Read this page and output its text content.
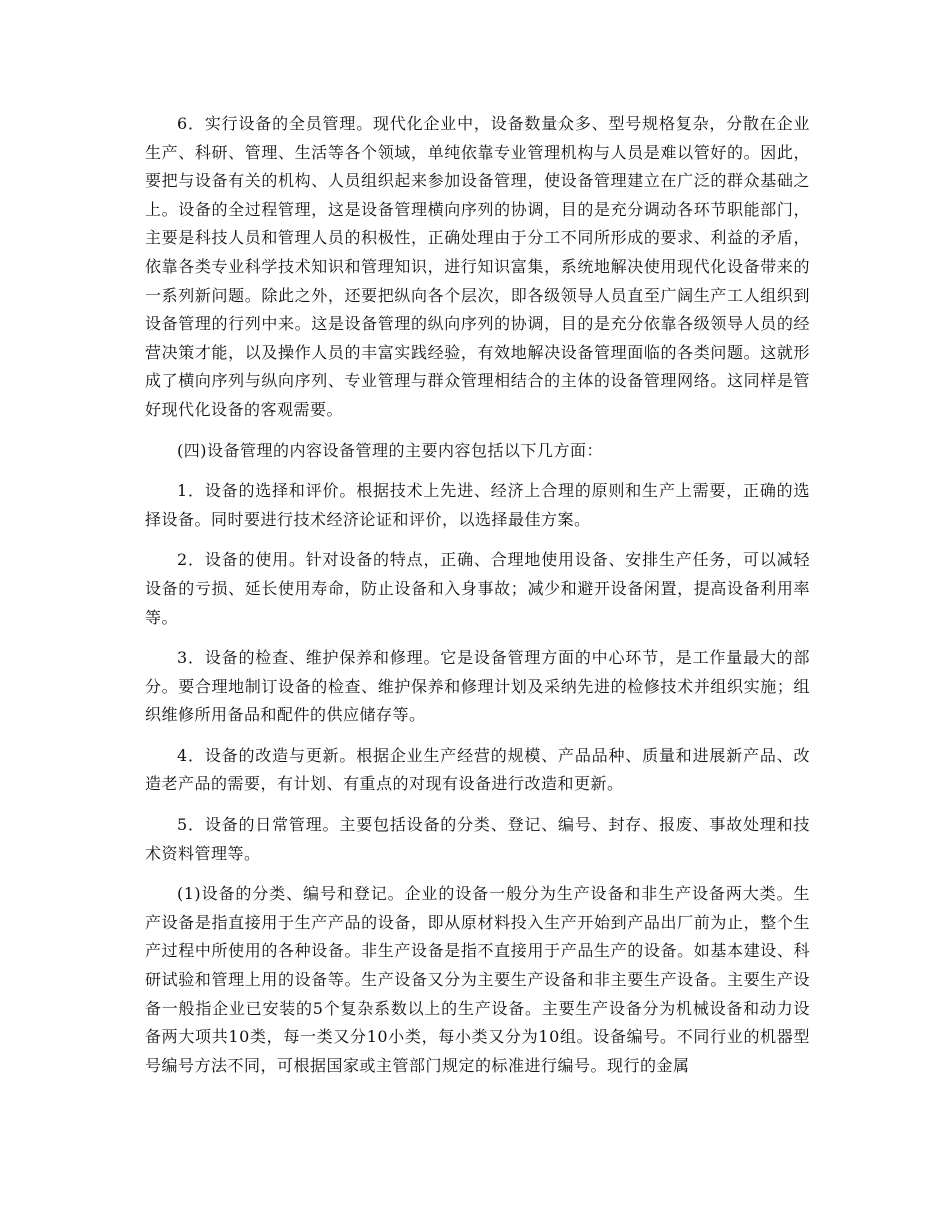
6．实行设备的全员管理。现代化企业中，设备数量众多、型号规格复杂，分散在企业生产、科研、管理、生活等各个领域，单纯依靠专业管理机构与人员是难以管好的。因此，要把与设备有关的机构、人员组织起来参加设备管理，使设备管理建立在广泛的群众基础之上。设备的全过程管理，这是设备管理横向序列的协调，目的是充分调动各环节职能部门，主要是科技人员和管理人员的积极性，正确处理由于分工不同所形成的要求、利益的矛盾，依靠各类专业科学技术知识和管理知识，进行知识富集，系统地解决使用现代化设备带来的一系列新问题。除此之外，还要把纵向各个层次，即各级领导人员直至广阔生产工人组织到设备管理的行列中来。这是设备管理的纵向序列的协调，目的是充分依靠各级领导人员的经营决策才能，以及操作人员的丰富实践经验，有效地解决设备管理面临的各类问题。这就形成了横向序列与纵向序列、专业管理与群众管理相结合的主体的设备管理网络。这同样是管好现代化设备的客观需要。

(四)设备管理的内容设备管理的主要内容包括以下几方面：

1．设备的选择和评价。根据技术上先进、经济上合理的原则和生产上需要，正确的选择设备。同时要进行技术经济论证和评价，以选择最佳方案。

2．设备的使用。针对设备的特点，正确、合理地使用设备、安排生产任务，可以减轻设备的亏损、延长使用寿命，防止设备和入身事故；减少和避开设备闲置，提高设备利用率等。

3．设备的检查、维护保养和修理。它是设备管理方面的中心环节，是工作量最大的部分。要合理地制订设备的检查、维护保养和修理计划及采纳先进的检修技术并组织实施；组织维修所用备品和配件的供应储存等。

4．设备的改造与更新。根据企业生产经营的规模、产品品种、质量和进展新产品、改造老产品的需要，有计划、有重点的对现有设备进行改造和更新。

5．设备的日常管理。主要包括设备的分类、登记、编号、封存、报废、事故处理和技术资料管理等。

(1)设备的分类、编号和登记。企业的设备一般分为生产设备和非生产设备两大类。生产设备是指直接用于生产产品的设备，即从原材料投入生产开始到产品出厂前为止，整个生产过程中所使用的各种设备。非生产设备是指不直接用于产品生产的设备。如基本建设、科研试验和管理上用的设备等。生产设备又分为主要生产设备和非主要生产设备。主要生产设备一般指企业已安装的5个复杂系数以上的生产设备。主要生产设备分为机械设备和动力设备两大项共10类，每一类又分10小类，每小类又分为10组。设备编号。不同行业的机器型号编号方法不同，可根据国家或主管部门规定的标准进行编号。现行的金属
